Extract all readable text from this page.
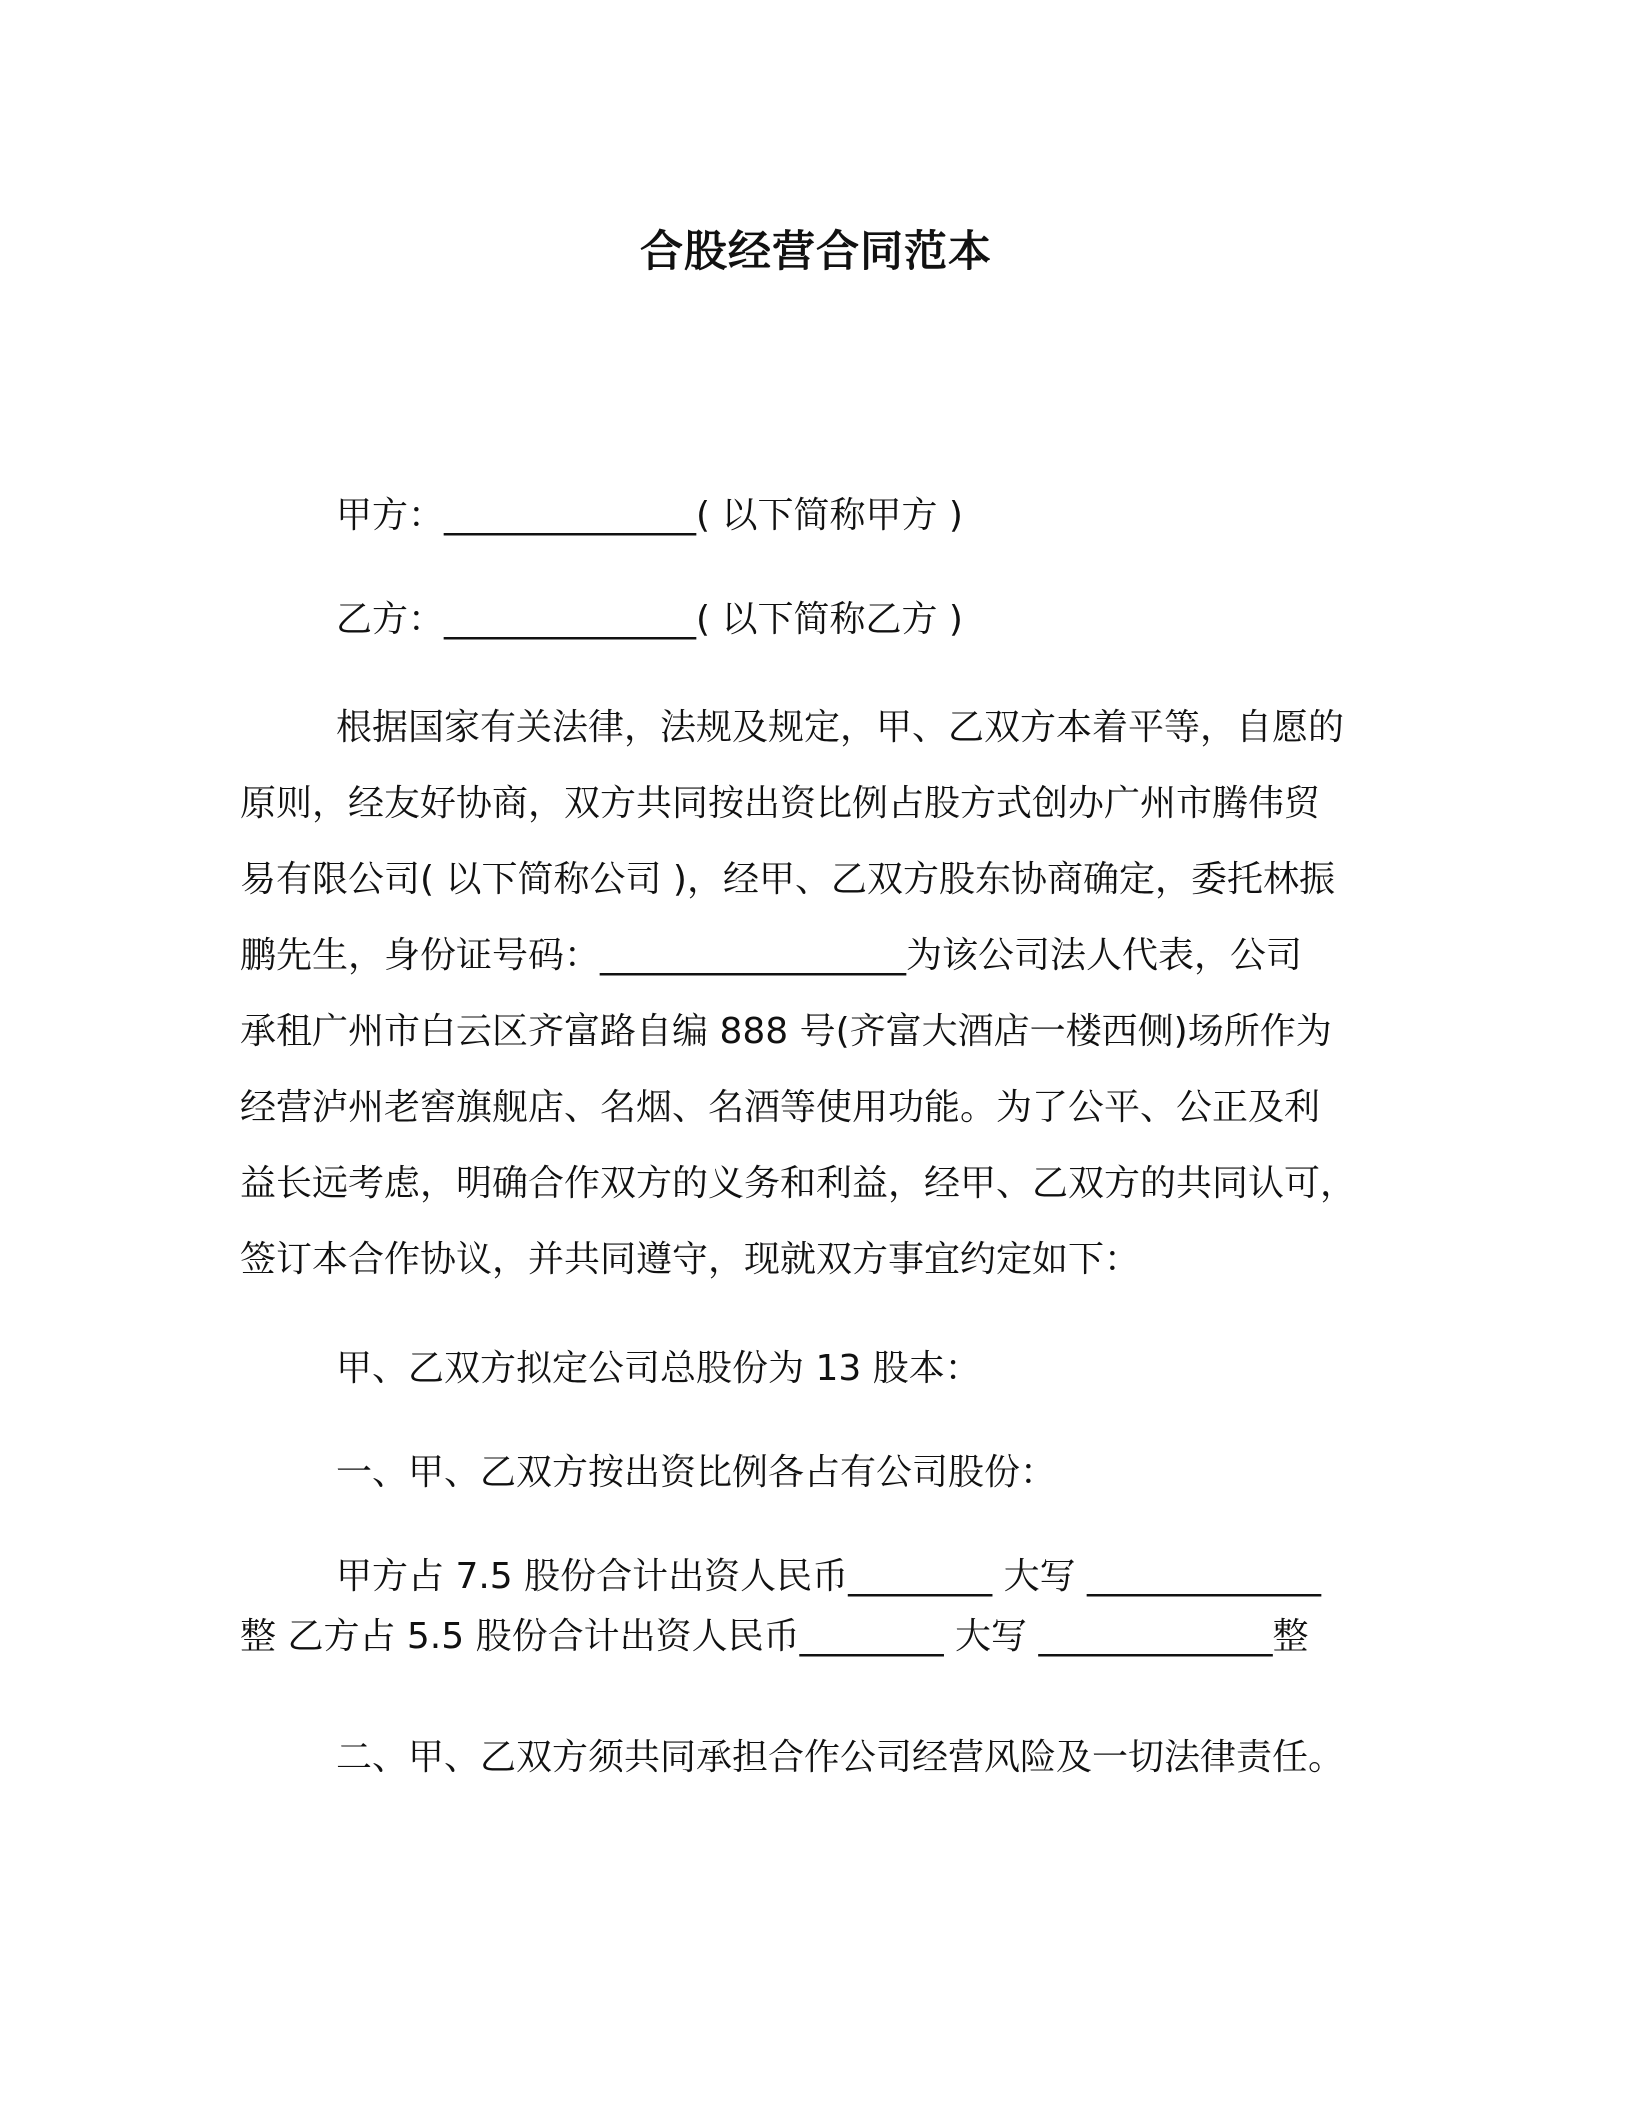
合股经营合同范本

甲方：______________( 以下简称甲方 )

乙方：______________( 以下简称乙方 )

根据国家有关法律，法规及规定，甲、乙双方本着平等，自愿的
原则，经友好协商，双方共同按出资比例占股方式创办广州市腾伟贸
易有限公司( 以下简称公司 )，经甲、乙双方股东协商确定，委托林振
鹏先生，身份证号码：_________________为该公司法人代表，公司
承租广州市白云区齐富路自编 888 号(齐富大酒店一楼西侧)场所作为
经营泸州老窖旗舰店、名烟、名酒等使用功能。为了公平、公正及利
益长远考虑，明确合作双方的义务和利益，经甲、乙双方的共同认可，
签订本合作协议，并共同遵守，现就双方事宜约定如下：

甲、乙双方拟定公司总股份为 13 股本：

一、甲、乙双方按出资比例各占有公司股份：

甲方占 7.5 股份合计出资人民币________ 大写 _____________
整 乙方占 5.5 股份合计出资人民币________ 大写 _____________整

二、甲、乙双方须共同承担合作公司经营风险及一切法律责任。
